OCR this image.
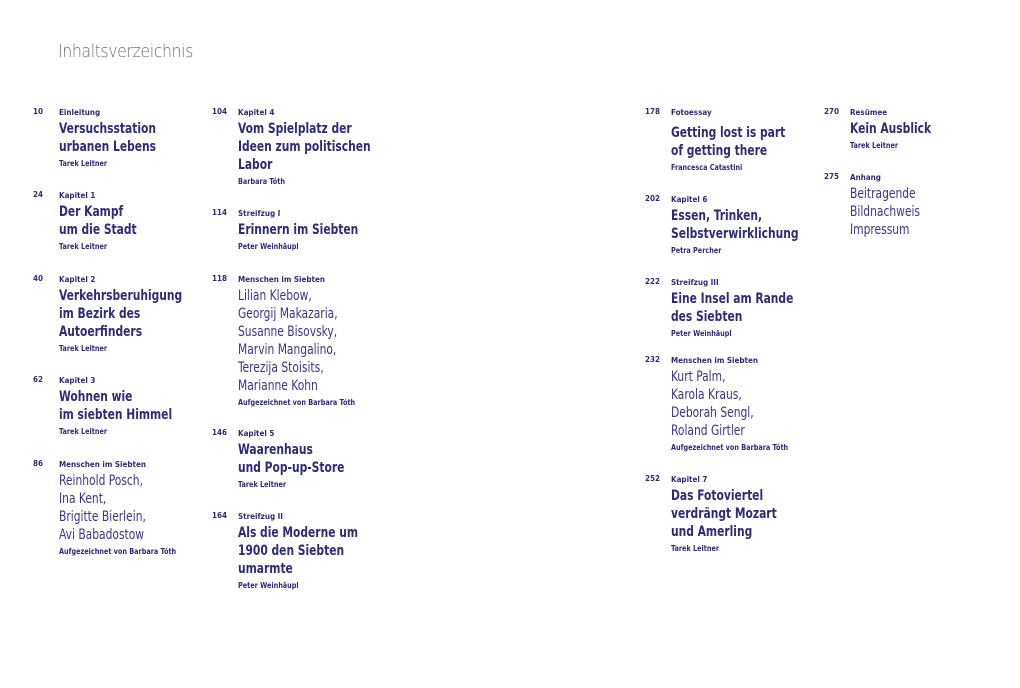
Inhaltsverzeichnis
10	Einleitung
Versuchsstation
urbanen Lebens
Tarek Leitner
24	Kapitel 1
Der Kampf
um die Stadt
Tarek Leitner
40	Kapitel 2
Verkehrsberuhigung
im Bezirk des
Autoerfinders
Tarek Leitner
62	Kapitel 3
Wohnen wie
im siebten Himmel
Tarek Leitner
86	Menschen im Siebten
Reinhold Posch,
Ina Kent,
Brigitte Bierlein,
Avi Babadostow
Aufgezeichnet von Barbara Tóth
104	Kapitel 4
Vom Spielplatz der
Ideen zum politischen
Labor
Barbara Tóth
114	Streifzug I
Erinnern im Siebten
Peter Weinhäupl
118	Menschen im Siebten
Lilian Klebow,
Georgij Makazaria,
Susanne Bisovsky,
Marvin Mangalino,
Terezija Stoisits,
Marianne Kohn
Aufgezeichnet von Barbara Tóth
146	Kapitel 5
Waarenhaus
und Pop-up-Store
Tarek Leitner
164	Streifzug II
Als die Moderne um
1900 den Siebten
umarmte
Peter Weinhäupl
178	Fotoessay
Getting lost is part
of getting there
Francesca Catastini
202	Kapitel 6
Essen, Trinken,
Selbstverwirklichung
Petra Percher
222	Streifzug III
Eine Insel am Rande
des Siebten
Peter Weinhäupl
232	Menschen im Siebten
Kurt Palm,
Karola Kraus,
Deborah Sengl,
Roland Girtler
Aufgezeichnet von Barbara Tóth
252	Kapitel 7
Das Fotoviertel
verdrängt Mozart
und Amerling
Tarek Leitner
270	Resümee
Kein Ausblick
Tarek Leitner
275	Anhang
Beitragende
Bildnachweis
Impressum
